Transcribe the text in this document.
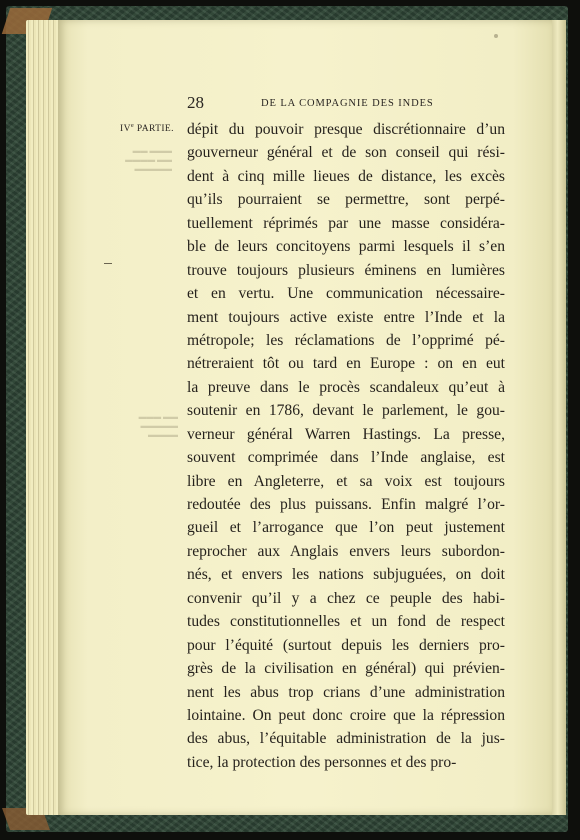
28	DE LA COMPAGNIE DES INDES
IVe PARTIE.
▬▬ ▬▬▬
▬▬▬▬ ▬▬
▬▬▬▬▬
▬▬▬ ▬▬
▬▬▬▬▬
▬▬▬▬
dépit du pouvoir presque discrétionnaire d’un
gouverneur général et de son conseil qui rési-
dent à cinq mille lieues de distance, les excès
qu’ils pourraient se permettre, sont perpé-
tuellement réprimés par une masse considéra-
ble de leurs concitoyens parmi lesquels il s’en
trouve toujours plusieurs éminens en lumières
et en vertu. Une communication nécessaire-
ment toujours active existe entre l’Inde et la
métropole; les réclamations de l’opprimé pé-
nétreraient tôt ou tard en Europe : on en eut
la preuve dans le procès scandaleux qu’eut à
soutenir en 1786, devant le parlement, le gou-
verneur général Warren Hastings. La presse,
souvent comprimée dans l’Inde anglaise, est
libre en Angleterre, et sa voix est toujours
redoutée des plus puissans. Enfin malgré l’or-
gueil et l’arrogance que l’on peut justement
reprocher aux Anglais envers leurs subordon-
nés, et envers les nations subjuguées, on doit
convenir qu’il y a chez ce peuple des habi-
tudes constitutionnelles et un fond de respect
pour l’équité (surtout depuis les derniers pro-
grès de la civilisation en général) qui prévien-
nent les abus trop crians d’une administration
lointaine. On peut donc croire que la répression
des abus, l’équitable administration de la jus-
tice, la protection des personnes et des pro-
